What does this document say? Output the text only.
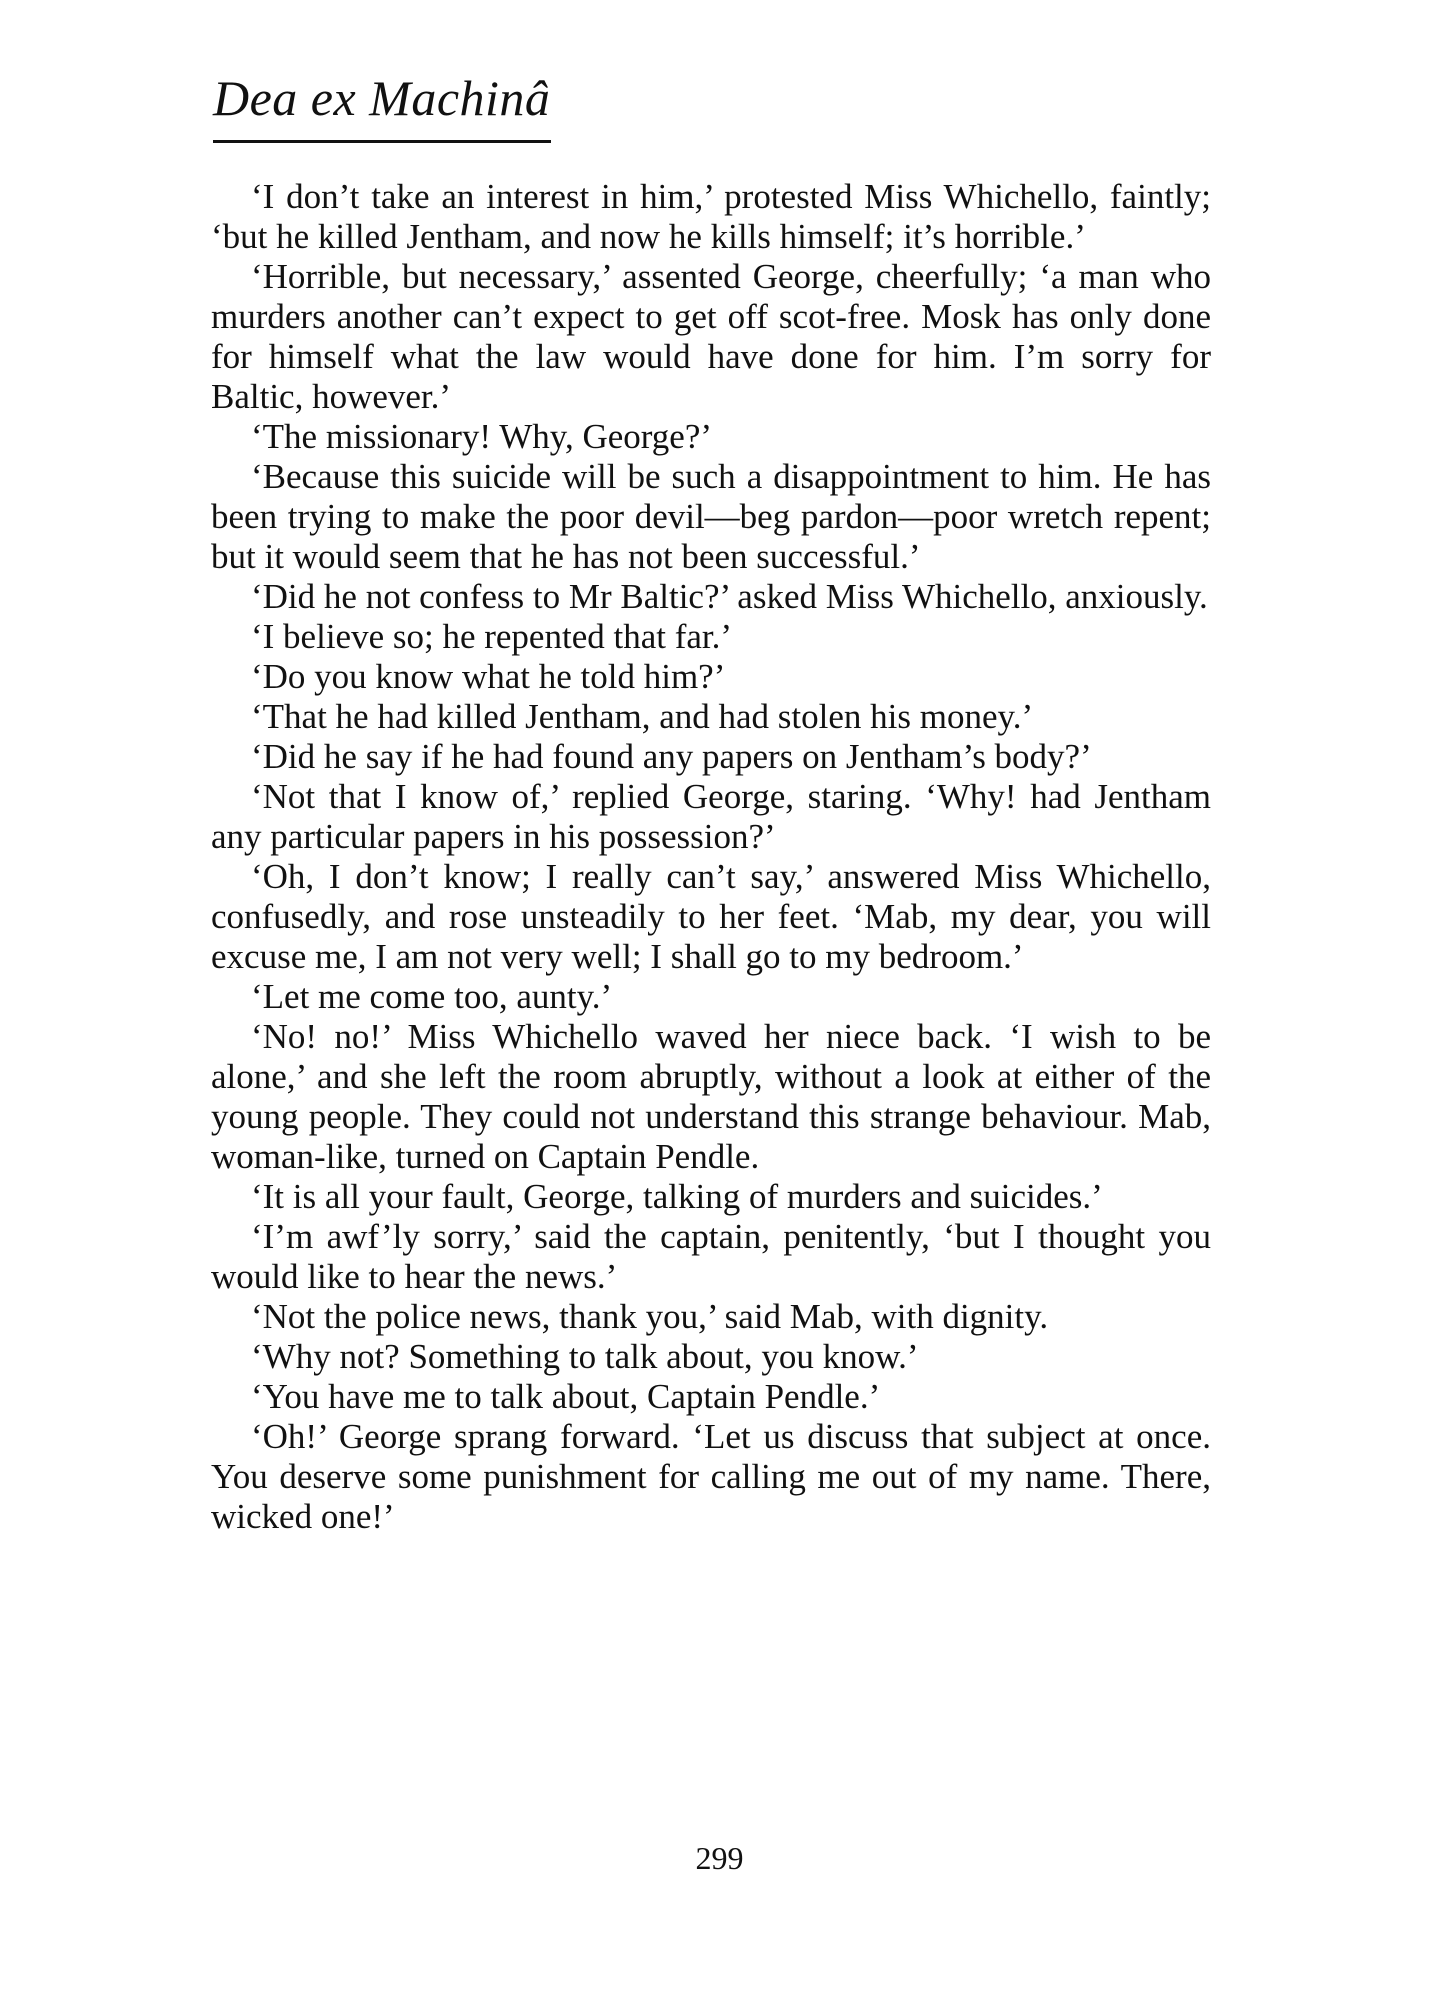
Dea ex Machinâ

‘I don’t take an interest in him,’ protested Miss Whichello, faintly; ‘but he killed Jentham, and now he kills himself; it’s horrible.’

‘Horrible, but necessary,’ assented George, cheerfully; ‘a man who murders another can’t expect to get off scot-free. Mosk has only done for himself what the law would have done for him. I’m sorry for Baltic, however.’

‘The missionary! Why, George?’

‘Because this suicide will be such a disappointment to him. He has been trying to make the poor devil—beg pardon—poor wretch repent; but it would seem that he has not been successful.’

‘Did he not confess to Mr Baltic?’ asked Miss Whichello, anxiously.

‘I believe so; he repented that far.’

‘Do you know what he told him?’

‘That he had killed Jentham, and had stolen his money.’

‘Did he say if he had found any papers on Jentham’s body?’

‘Not that I know of,’ replied George, staring. ‘Why! had Jentham any particular papers in his possession?’

‘Oh, I don’t know; I really can’t say,’ answered Miss Whichello, confusedly, and rose unsteadily to her feet. ‘Mab, my dear, you will excuse me, I am not very well; I shall go to my bedroom.’

‘Let me come too, aunty.’

‘No! no!’ Miss Whichello waved her niece back. ‘I wish to be alone,’ and she left the room abruptly, without a look at either of the young people. They could not understand this strange behaviour. Mab, woman-like, turned on Captain Pendle.

‘It is all your fault, George, talking of murders and suicides.’

‘I’m awf’ly sorry,’ said the captain, penitently, ‘but I thought you would like to hear the news.’

‘Not the police news, thank you,’ said Mab, with dignity.

‘Why not? Something to talk about, you know.’

‘You have me to talk about, Captain Pendle.’

‘Oh!’ George sprang forward. ‘Let us discuss that subject at once. You deserve some punishment for calling me out of my name. There, wicked one!’

299
